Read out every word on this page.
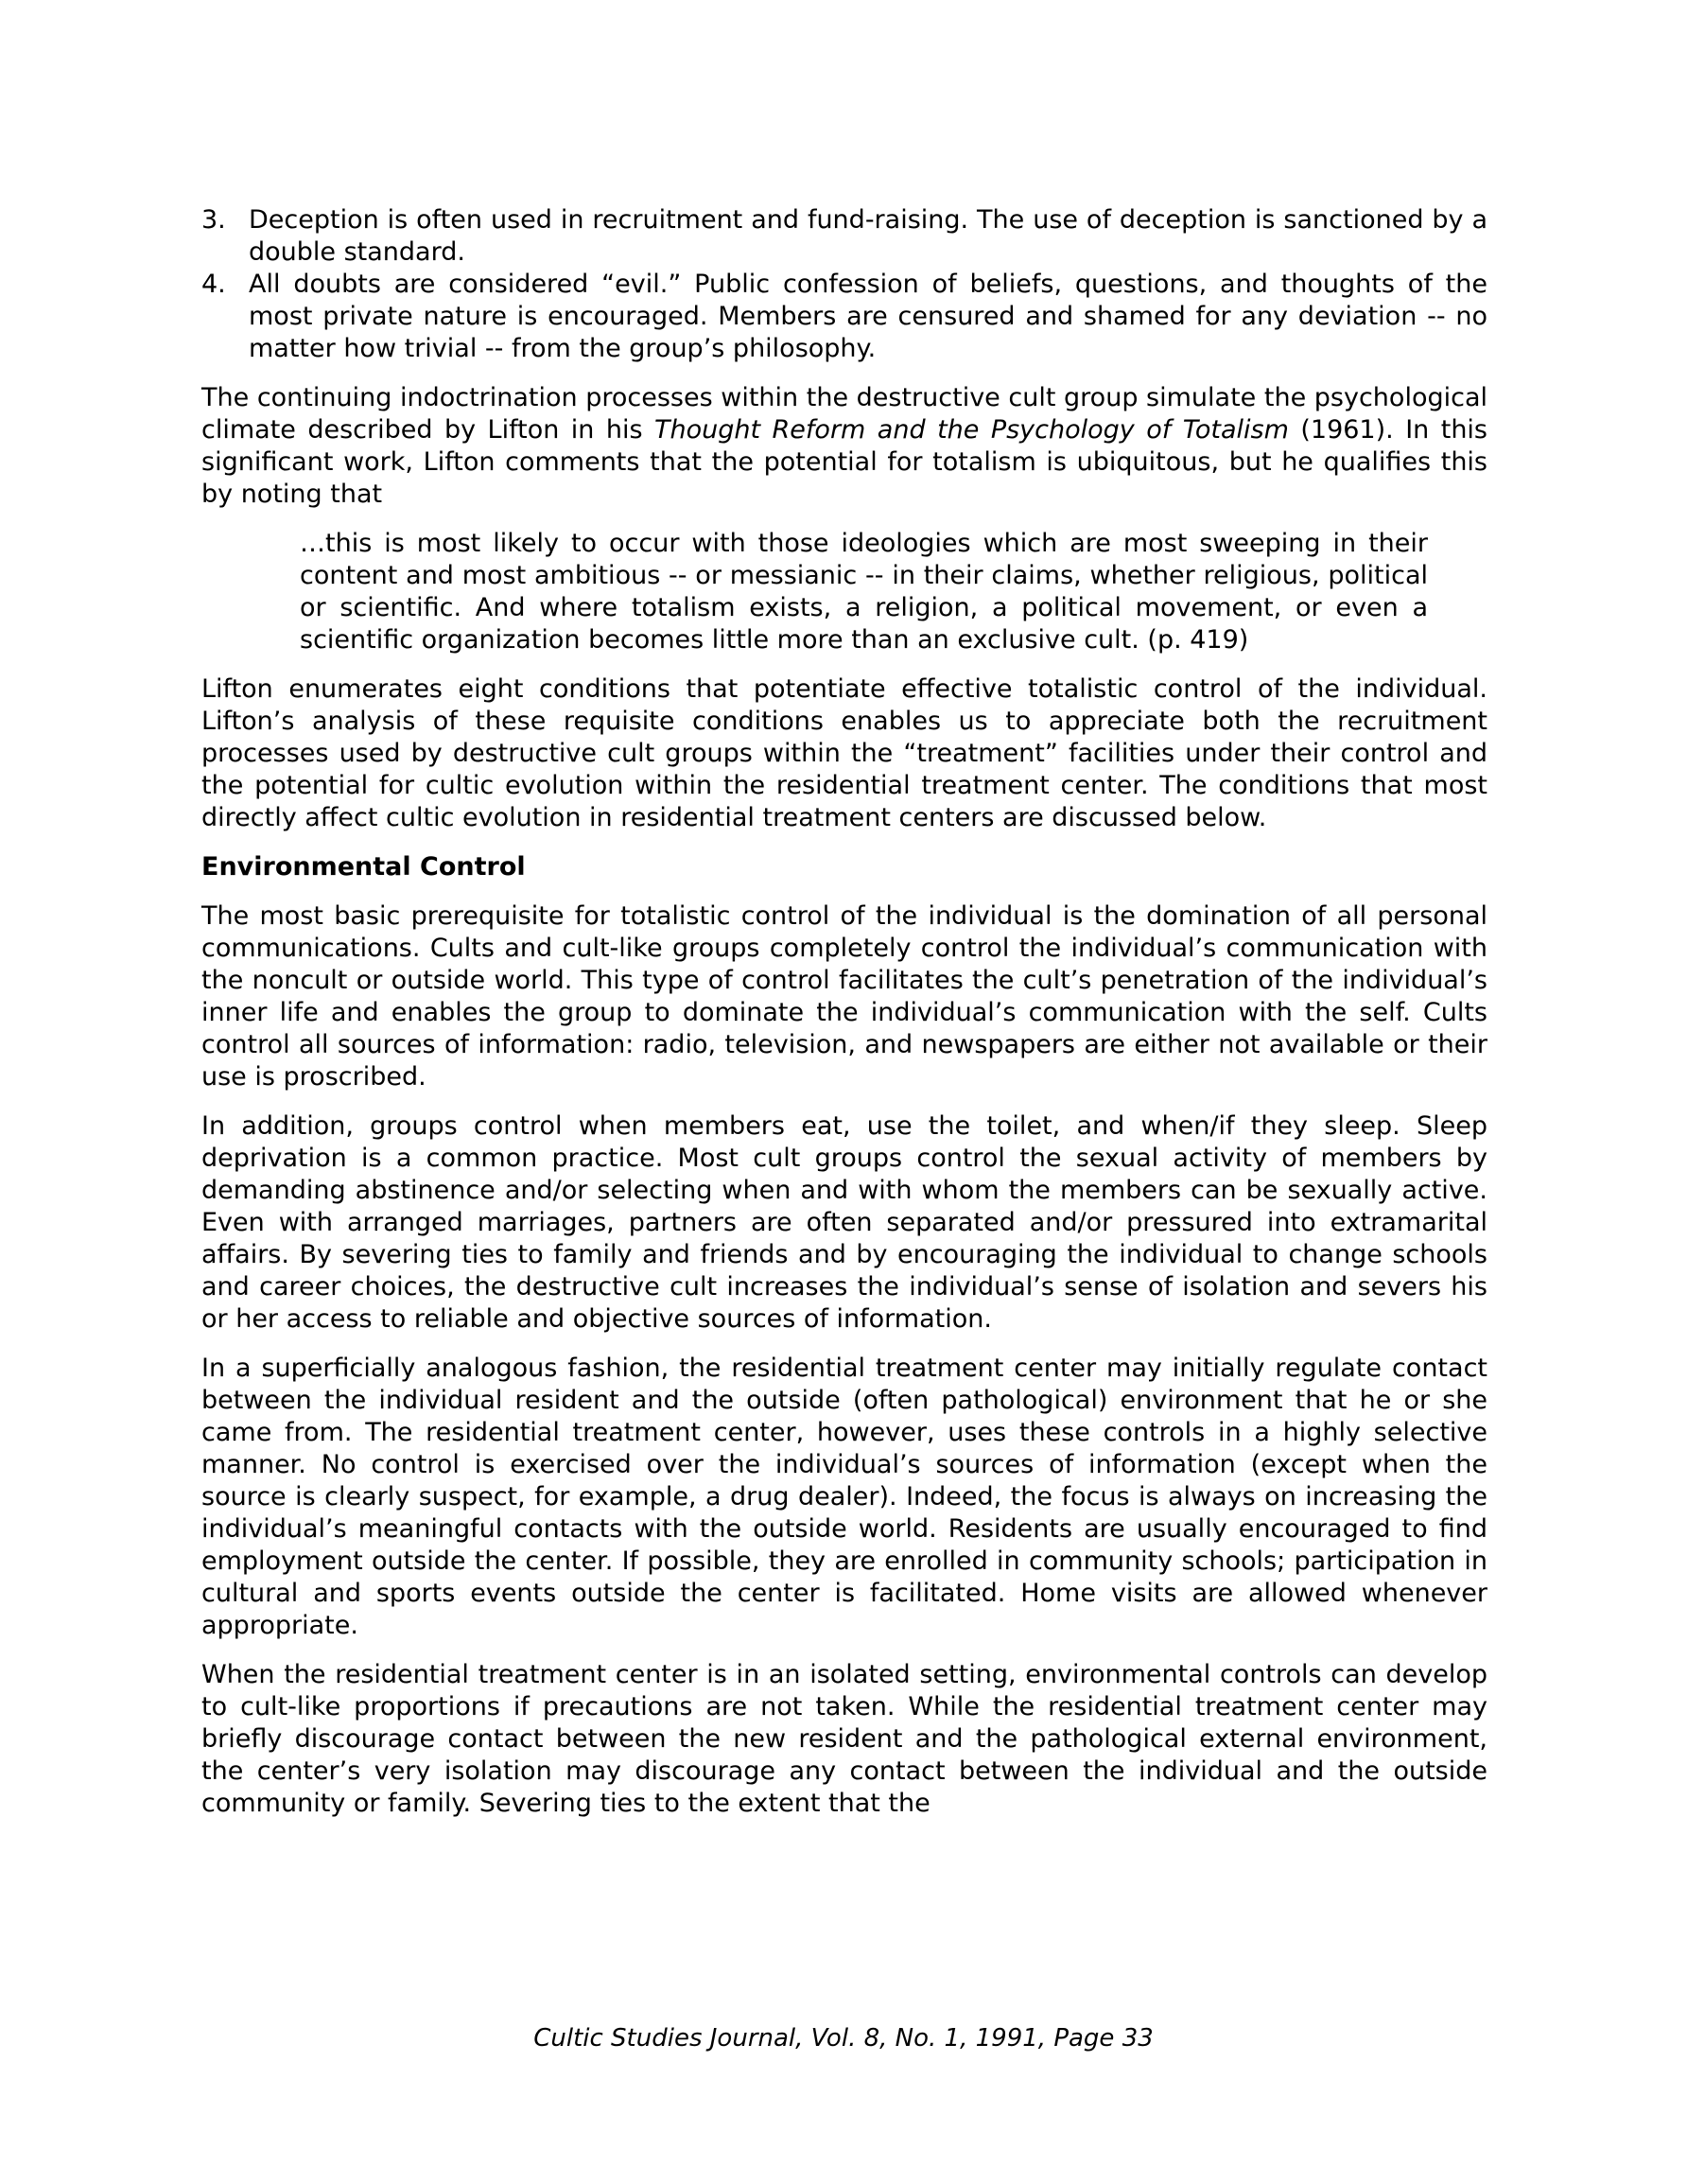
3. Deception is often used in recruitment and fund-raising. The use of deception is sanctioned by a double standard.
4. All doubts are considered “evil.” Public confession of beliefs, questions, and thoughts of the most private nature is encouraged. Members are censured and shamed for any deviation -- no matter how trivial -- from the group’s philosophy.
The continuing indoctrination processes within the destructive cult group simulate the psychological climate described by Lifton in his Thought Reform and the Psychology of Totalism (1961). In this significant work, Lifton comments that the potential for totalism is ubiquitous, but he qualifies this by noting that
…this is most likely to occur with those ideologies which are most sweeping in their content and most ambitious -- or messianic -- in their claims, whether religious, political or scientific. And where totalism exists, a religion, a political movement, or even a scientific organization becomes little more than an exclusive cult. (p. 419)
Lifton enumerates eight conditions that potentiate effective totalistic control of the individual. Lifton’s analysis of these requisite conditions enables us to appreciate both the recruitment processes used by destructive cult groups within the “treatment” facilities under their control and the potential for cultic evolution within the residential treatment center. The conditions that most directly affect cultic evolution in residential treatment centers are discussed below.
Environmental Control
The most basic prerequisite for totalistic control of the individual is the domination of all personal communications. Cults and cult-like groups completely control the individual’s communication with the noncult or outside world. This type of control facilitates the cult’s penetration of the individual’s inner life and enables the group to dominate the individual’s communication with the self. Cults control all sources of information: radio, television, and newspapers are either not available or their use is proscribed.
In addition, groups control when members eat, use the toilet, and when/if they sleep. Sleep deprivation is a common practice. Most cult groups control the sexual activity of members by demanding abstinence and/or selecting when and with whom the members can be sexually active. Even with arranged marriages, partners are often separated and/or pressured into extramarital affairs. By severing ties to family and friends and by encouraging the individual to change schools and career choices, the destructive cult increases the individual’s sense of isolation and severs his or her access to reliable and objective sources of information.
In a superficially analogous fashion, the residential treatment center may initially regulate contact between the individual resident and the outside (often pathological) environment that he or she came from. The residential treatment center, however, uses these controls in a highly selective manner. No control is exercised over the individual’s sources of information (except when the source is clearly suspect, for example, a drug dealer). Indeed, the focus is always on increasing the individual’s meaningful contacts with the outside world. Residents are usually encouraged to find employment outside the center. If possible, they are enrolled in community schools; participation in cultural and sports events outside the center is facilitated. Home visits are allowed whenever appropriate.
When the residential treatment center is in an isolated setting, environmental controls can develop to cult-like proportions if precautions are not taken. While the residential treatment center may briefly discourage contact between the new resident and the pathological external environment, the center’s very isolation may discourage any contact between the individual and the outside community or family. Severing ties to the extent that the
Cultic Studies Journal, Vol. 8, No. 1, 1991, Page 33
